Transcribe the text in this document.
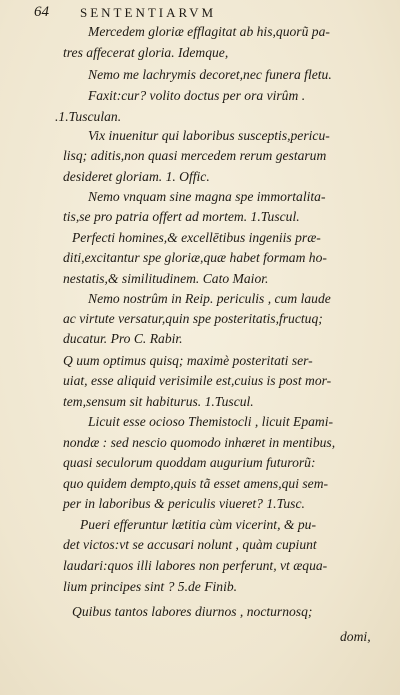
64 SENTENTIARVM
Mercedem gloriæ efflagitat ab his,quorũ pa-
tres affecerat gloria. Idemque,
Nemo me lachrymis decoret,nec funera fletu.
Faxit:cur? volito doctus per ora virûm .
.1.Tusculan.
Vix inuenitur qui laboribus susceptis,pericu-
lisq; aditis,non quasi mercedem rerum gestarum
desideret gloriam. 1. Offic.
Nemo vnquam sine magna spe immortalita-
tis,se pro patria offert ad mortem. 1.Tuscul.
Perfecti homines,& excellētibus ingeniis præ-
diti,excitantur spe gloriæ,quæ habet formam ho-
nestatis,& similitudinem. Cato Maior.
Nemo nostrûm in Reip. periculis , cum laude
ac virtute versatur,quin spe posteritatis,fructuq;
ducatur. Pro C. Rabir.
Q uum optimus quisq; maximè posteritati ser-
uiat, esse aliquid verisimile est,cuius is post mor-
tem,sensum sit habiturus. 1.Tuscul.
Licuit esse ocioso Themistocli , licuit Epami-
nondæ : sed nescio quomodo inhæret in mentibus,
quasi seculorum quoddam augurium futurorũ:
quo quidem dempto,quis tã esset amens,qui sem-
per in laboribus & periculis viueret? 1.Tusc.
Pueri efferuntur lætitia cùm vicerint, & pu-
det victos:vt se accusari nolunt , quàm cupiunt
laudari:quos illi labores non perferunt, vt æqua-
lium principes sint ? 5.de Finib.
Quibus tantos labores diurnos , nocturnosq;
domi,
